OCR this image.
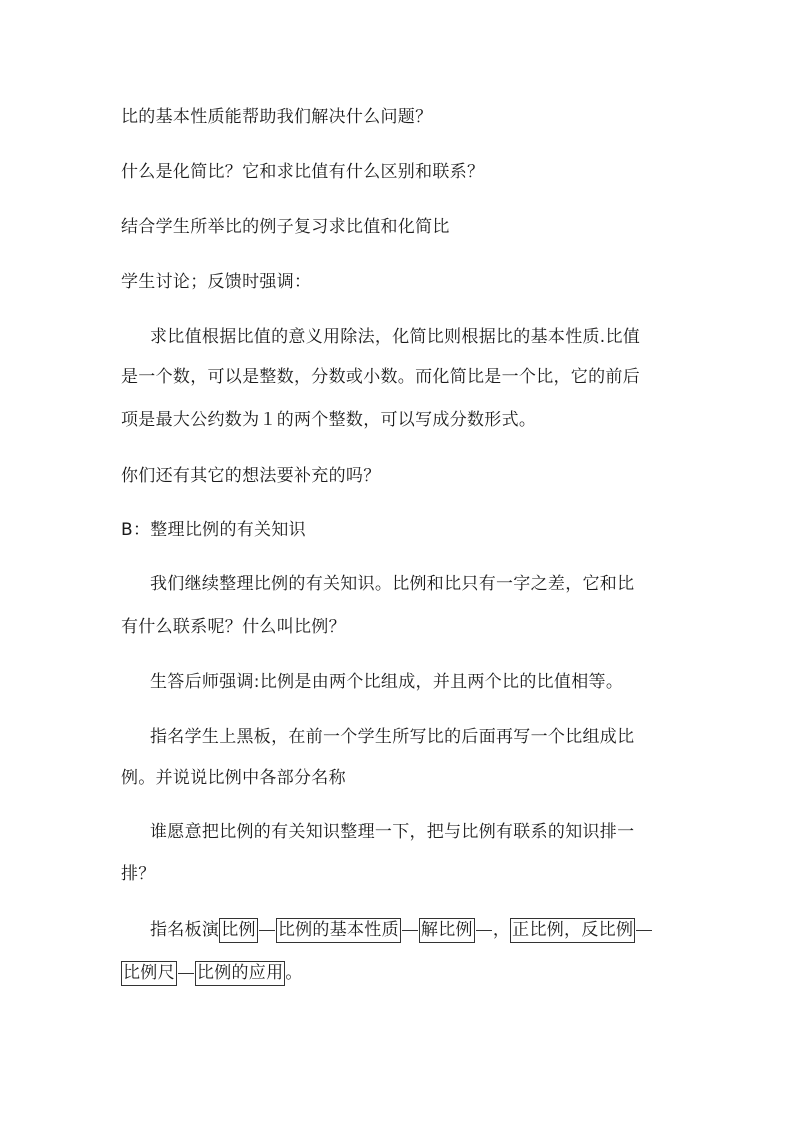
比的基本性质能帮助我们解决什么问题？
什么是化简比？它和求比值有什么区别和联系？
结合学生所举比的例子复习求比值和化简比
学生讨论；反馈时强调：
求比值根据比值的意义用除法，化简比则根据比的基本性质.比值
是一个数，可以是整数，分数或小数。而化简比是一个比，它的前后
项是最大公约数为１的两个整数，可以写成分数形式。
你们还有其它的想法要补充的吗？
B：整理比例的有关知识
我们继续整理比例的有关知识。比例和比只有一字之差，它和比
有什么联系呢？什么叫比例？
生答后师强调:比例是由两个比组成，并且两个比的比值相等。
指名学生上黑板，在前一个学生所写比的后面再写一个比组成比
例。并说说比例中各部分名称
谁愿意把比例的有关知识整理一下，把与比例有联系的知识排一
排？
指名板演 比例 比例的基本性质 解比例 ， 正比例，反比例
比例尺 比例的应用 。
